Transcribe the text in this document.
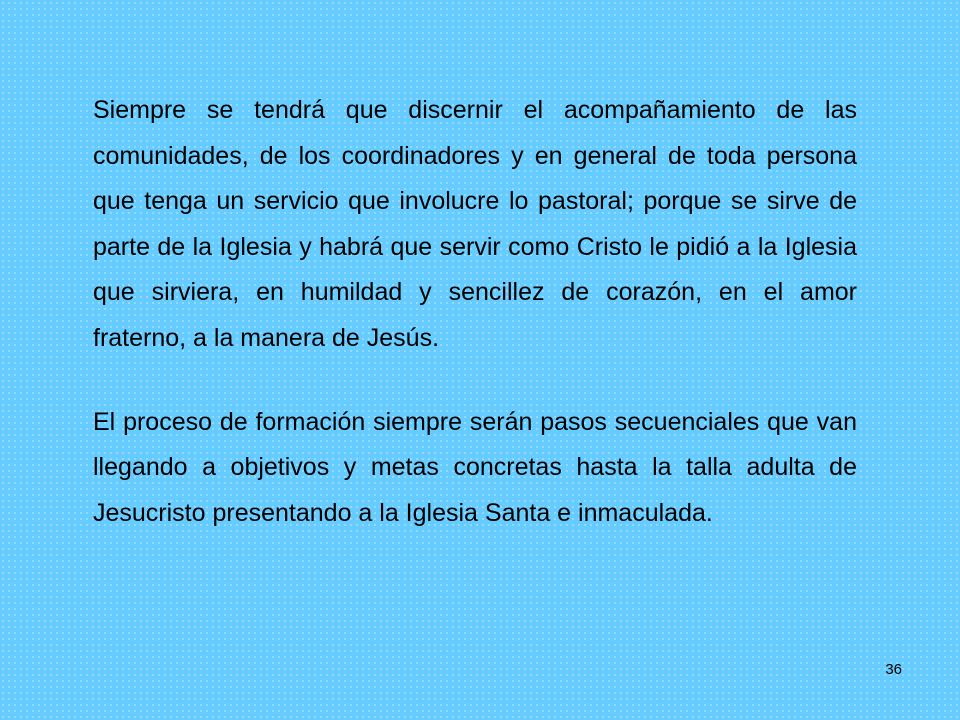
Siempre se tendrá que discernir el acompañamiento de las comunidades, de los coordinadores y en general de toda persona que tenga un servicio que involucre lo pastoral; porque se sirve de parte de la Iglesia y habrá que servir como Cristo le pidió a la Iglesia que sirviera, en humildad y sencillez de corazón, en el amor fraterno, a la manera de Jesús.

El proceso de formación siempre serán pasos secuenciales que van llegando a objetivos y metas concretas hasta la talla adulta de Jesucristo presentando a la Iglesia Santa e inmaculada.

36
